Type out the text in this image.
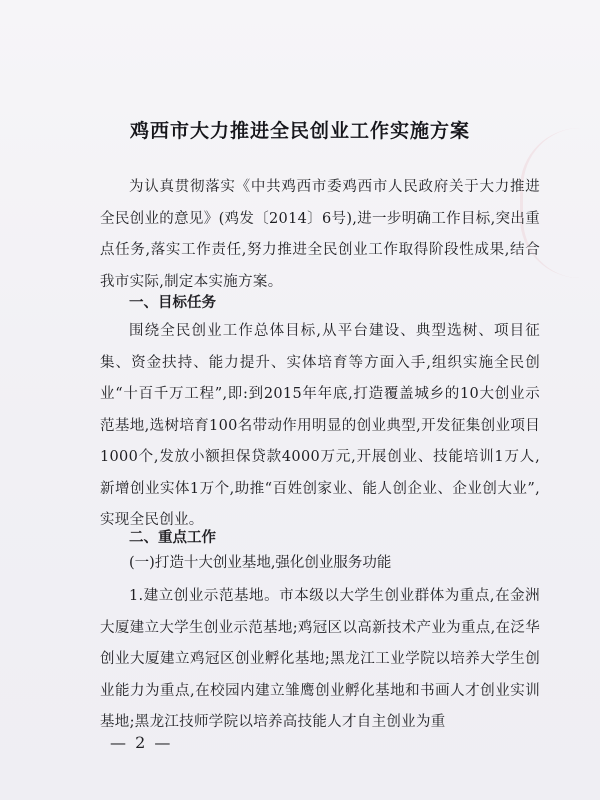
鸡西市大力推进全民创业工作实施方案

为认真贯彻落实《中共鸡西市委鸡西市人民政府关于大力推进全民创业的意见》(鸡发〔2014〕6号),进一步明确工作目标,突出重点任务,落实工作责任,努力推进全民创业工作取得阶段性成果,结合我市实际,制定本实施方案。

一、目标任务

围绕全民创业工作总体目标,从平台建设、典型选树、项目征集、资金扶持、能力提升、实体培育等方面入手,组织实施全民创业“十百千万工程”,即:到2015年年底,打造覆盖城乡的10大创业示范基地,选树培育100名带动作用明显的创业典型,开发征集创业项目1000个,发放小额担保贷款4000万元,开展创业、技能培训1万人,新增创业实体1万个,助推“百姓创家业、能人创企业、企业创大业”,实现全民创业。

二、重点工作
(一)打造十大创业基地,强化创业服务功能

1.建立创业示范基地。市本级以大学生创业群体为重点,在金洲大厦建立大学生创业示范基地;鸡冠区以高新技术产业为重点,在泛华创业大厦建立鸡冠区创业孵化基地;黑龙江工业学院以培养大学生创业能力为重点,在校园内建立雏鹰创业孵化基地和书画人才创业实训基地;黑龙江技师学院以培养高技能人才自主创业为重

— 2 —
